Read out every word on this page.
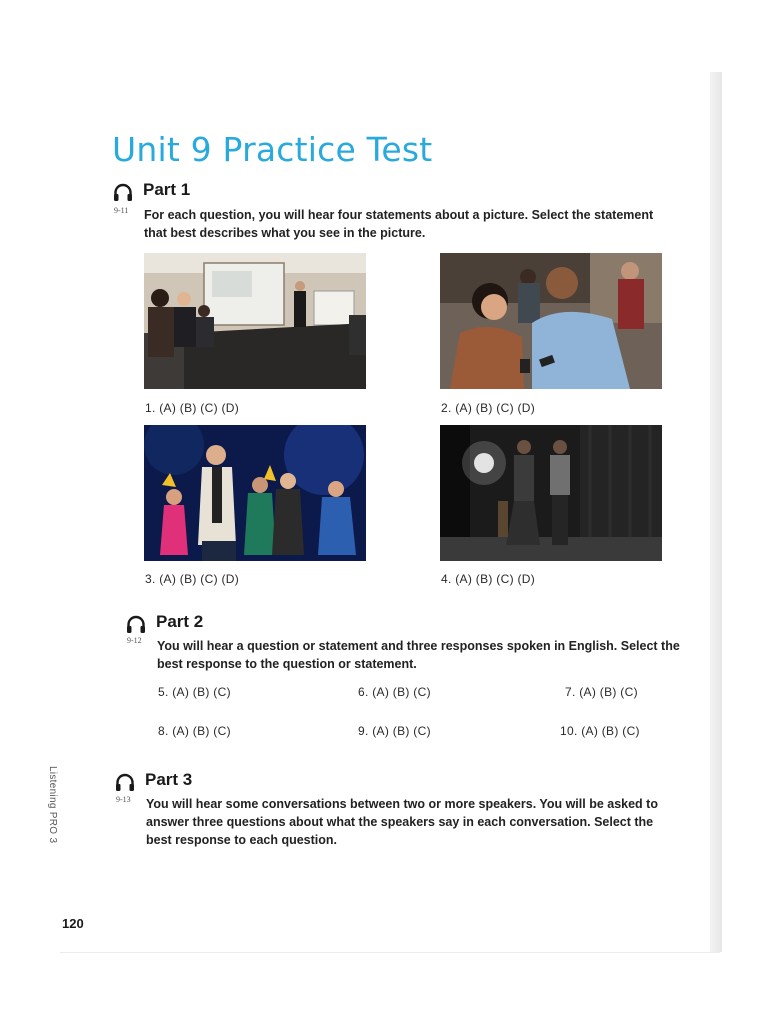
Unit 9 Practice Test
Part 1
9-11 For each question, you will hear four statements about a picture. Select the statement

that best describes what you see in the picture.

1. (A) (B) (C) (D)	2. (A) (B) (C) (D)
3. (A) (B) (C) (D)	4. (A) (B) (C) (D)
Part 2
9-12 You will hear a question or statement and three responses spoken in English. Select the

best response to the question or statement.

5. (A) (B) (C)	6. (A) (B) (C)	7. (A) (B) (C)
8. (A) (B) (C)	9. (A) (B) (C)	10. (A) (B) (C)
Part 3
9-13 You will hear some conversations between two or more speakers. You will be asked to

answer three questions about what the speakers say in each conversation. Select the

best response to each question.

Listening PRO 3
120
